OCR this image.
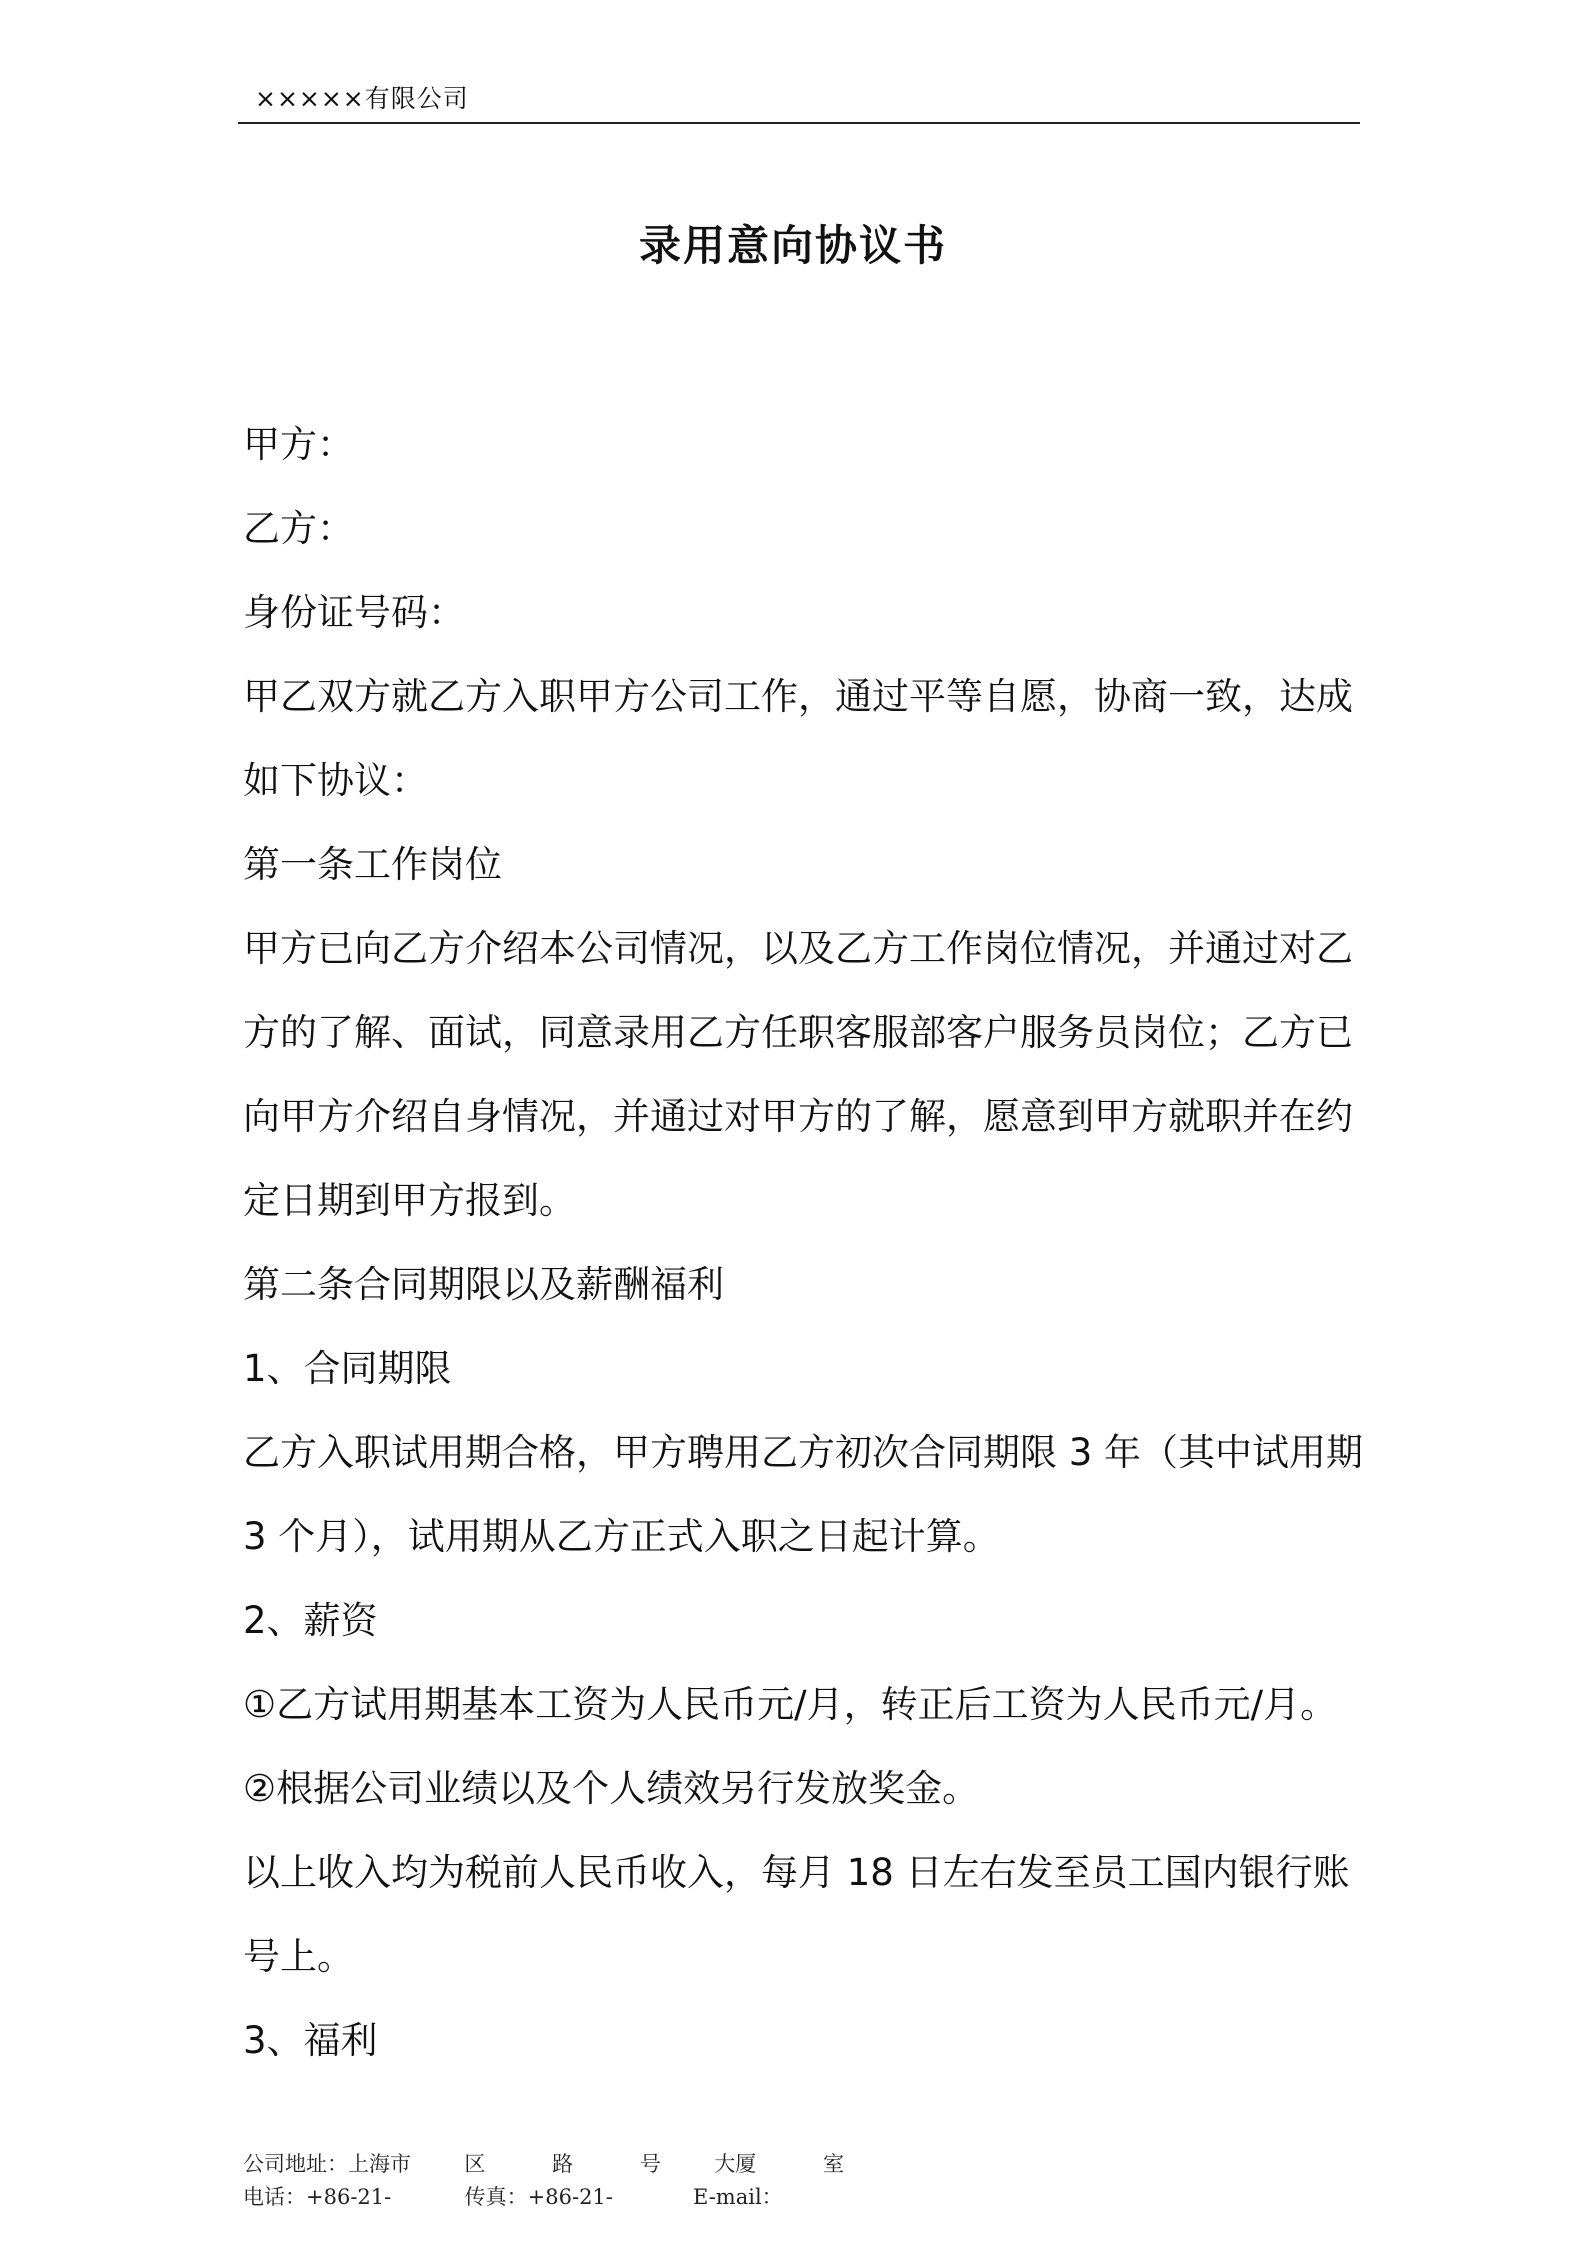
×××××有限公司
录用意向协议书

甲方：

乙方：

身份证号码：

甲乙双方就乙方入职甲方公司工作，通过平等自愿，协商一致，达成如下协议：

第一条工作岗位

甲方已向乙方介绍本公司情况，以及乙方工作岗位情况，并通过对乙方的了解、面试，同意录用乙方任职客服部客户服务员岗位；乙方已向甲方介绍自身情况，并通过对甲方的了解，愿意到甲方就职并在约定日期到甲方报到。

第二条合同期限以及薪酬福利

1、合同期限

乙方入职试用期合格，甲方聘用乙方初次合同期限 3 年（其中试用期 3 个月），试用期从乙方正式入职之日起计算。

2、薪资

①乙方试用期基本工资为人民币元/月，转正后工资为人民币元/月。

②根据公司业绩以及个人绩效另行发放奖金。

以上收入均为税前人民币收入，每月 18 日左右发至员工国内银行账号上。

3、福利

公司地址：上海市        区          路          号        大厦          室
电话：+86-21-           传真：+86-21-            E-mail：
